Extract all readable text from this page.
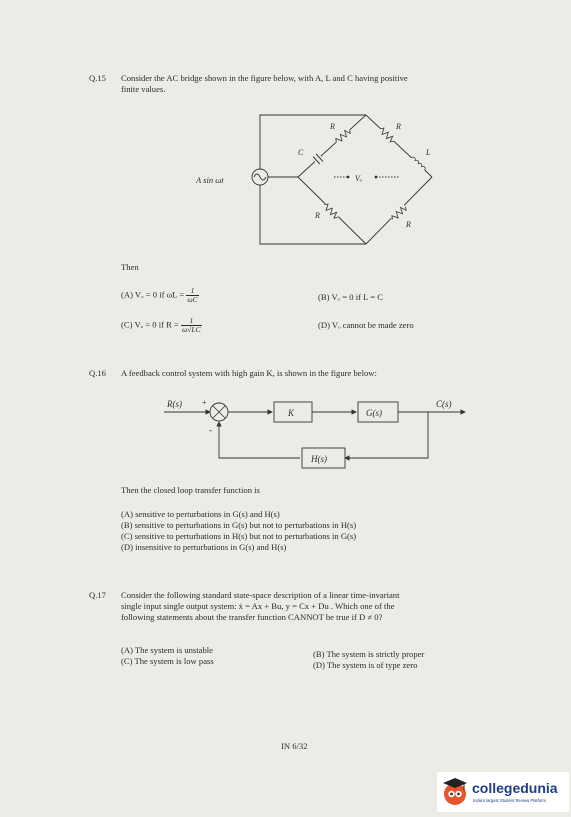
Q.15 Consider the AC bridge shown in the figure below, with A, L and C having positive
finite values.
A sin ωt
C
R	R
L
Vₒ
R
R
Then
(A) Vₒ = 0 if $\omega L = \frac{1}{\omega C}$	(B) Vₒ = 0 if L = C
(C) Vₒ = 0 if $R = \frac{1}{\omega√LC}$	(D) Vₒ cannot be made zero
Q.16 A feedback control system with high gain K, is shown in the figure below:
R(s)	+
-
K	G(s)
C(s)
H(s)
Then the closed loop transfer function is
(A) sensitive to perturbations in G(s) and H(s)
(B) sensitive to perturbations in G(s) but not to perturbations in H(s)
(C) sensitive to perturbations in H(s) but not to perturbations in G(s)
(D) insensitive to perturbations in G(s) and H(s)
Q.17 Consider the following standard state-space description of a linear time-invariant
single input single output system: ẋ = Ax + Bu, y = Cx + Du . Which one of the
following statements about the transfer function CANNOT be true if D ≠ 0?
(A) The system is unstable	(B) The system is strictly proper
(C) The system is low pass	(D) The system is of type zero
IN 6/32
collegedunia
India's largest Student Review Platform
